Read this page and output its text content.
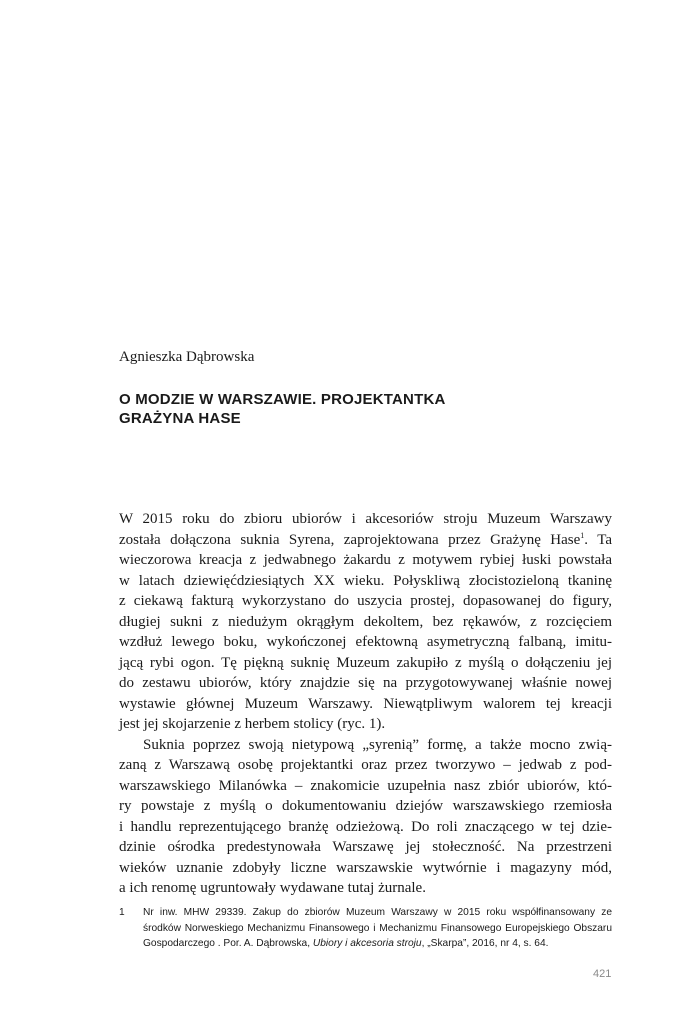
Agnieszka Dąbrowska
O MODZIE W WARSZAWIE. PROJEKTANTKA
GRAŻYNA HASE
W 2015 roku do zbioru ubiorów i akcesoriów stroju Muzeum Warszawy
została dołączona suknia Syrena, zaprojektowana przez Grażynę Hase$^1$. Ta
wieczorowa kreacja z jedwabnego żakardu z motywem rybiej łuski powstała
w latach dziewięćdziesiątych XX wieku. Połyskliwą złocistozieloną tkaninę
z ciekawą fakturą wykorzystano do uszycia prostej, dopasowanej do figury,
długiej sukni z niedużym okrągłym dekoltem, bez rękawów, z rozcięciem
wzdłuż lewego boku, wykończonej efektowną asymetryczną falbaną, imitu-
jącą rybi ogon. Tę piękną suknię Muzeum zakupiło z myślą o dołączeniu jej
do zestawu ubiorów, który znajdzie się na przygotowywanej właśnie nowej
wystawie głównej Muzeum Warszawy. Niewątpliwym walorem tej kreacji
jest jej skojarzenie z herbem stolicy (ryc. 1).
Suknia poprzez swoją nietypową „syrenią” formę, a także mocno zwią-
zaną z Warszawą osobę projektantki oraz przez tworzywo – jedwab z pod-
warszawskiego Milanówka – znakomicie uzupełnia nasz zbiór ubiorów, któ-
ry powstaje z myślą o dokumentowaniu dziejów warszawskiego rzemiosła
i handlu reprezentującego branżę odzieżową. Do roli znaczącego w tej dzie-
dzinie ośrodka predestynowała Warszawę jej stołeczność. Na przestrzeni
wieków uznanie zdobyły liczne warszawskie wytwórnie i magazyny mód,
a ich renomę ugruntowały wydawane tutaj żurnale.
1 Nr inw. MHW 29339. Zakup do zbiorów Muzeum Warszawy w 2015 roku współfinansowany ze
środków Norweskiego Mechanizmu Finansowego i Mechanizmu Finansowego Europejskiego Obszaru
Gospodarczego . Por. A. Dąbrowska, Ubiory i akcesoria stroju, „Skarpa”, 2016, nr 4, s. 64.
421
